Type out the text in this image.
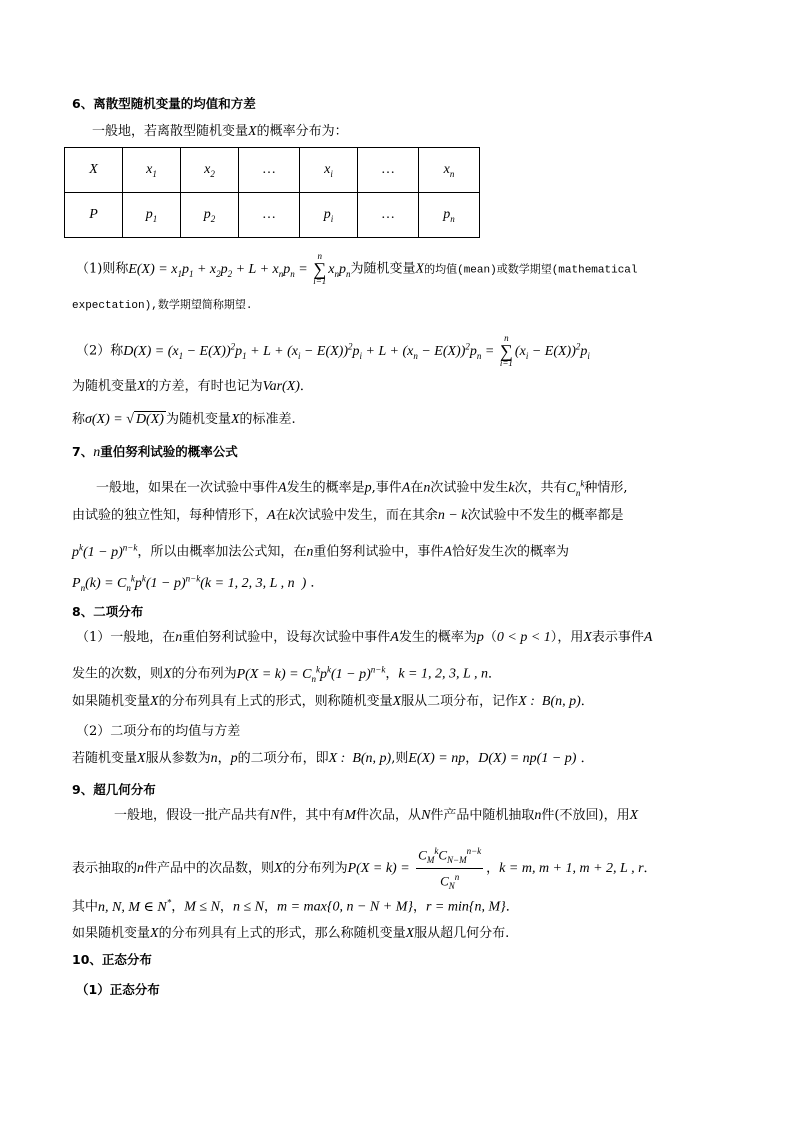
6、离散型随机变量的均值和方差
一般地，若离散型随机变量X的概率分布为：
X	$x_1$	$x_2$	…	$x_i$	…	$x_n$
P	$p_1$	$p_2$	…	$p_i$	…	$p_n$
（1)则称$E(X) = x_1p_1 + x_2p_2 + L + x_np_n$ =
n
∑
i=1
$x_np_n$为随机变量X的均值(mean)或数学期望(mathematical
expectation),数学期望简称期望.
（2）称$D(X) = (x_1 - E(X))^2p_1 + L + (x_i - E(X))^2p_i + L + (x_n - E(X))^2p_n$ =
n
∑
i=1
$(x_i - E(X))^2p_i$
为随机变量X的方差，有时也记为Var(X)．
称σ(X) = √ D(X) 为随机变量X的标准差.
7、n重伯努利试验的概率公式
一般地，如果在一次试验中事件A发生的概率是p,事件A在n次试验中发生k次，共有$C_n^k$种情形,
由试验的独立性知，每种情形下，A在k次试验中发生，而在其余n − k次试验中不发生的概率都是
$p^k(1 - p)^{n-k}$，所以由概率加法公式知，在n重伯努利试验中，事件A恰好发生次的概率为
$P_n(k) = C_n^kp^k(1 - p)^{n-k}(k = 1$, 2, 3, L , n  ) ．
8、二项分布
（1）一般地，在n重伯努利试验中，设每次试验中事件A发生的概率为p（0 < p < 1），用X表示事件A
发生的次数，则X的分布列为$P(X = k) = C_n^kp^k(1 - p)^{n-k}$，k = 1, 2, 3, L , n．
如果随机变量X的分布列具有上式的形式，则称随机变量X服从二项分布，记作X :  B(n, p)．
（2）二项分布的均值与方差
若随机变量X服从参数为n，p的二项分布，即X :  B(n, p),则E(X) = np，D(X) = np(1 − p) ．
9、超几何分布
一般地，假设一批产品共有N件，其中有M件次品，从N件产品中随机抽取n件(不放回)，用X
表示抽取的n件产品中的次品数，则X的分布列为$P(X = k) = \frac{C_M^kC_{N-M}^{n-k}}{C_N^n}$ ，k = m, m + 1, m + 2, L , r．
其中n, N, M ∈ N*，M ≤ N，n ≤ N，m = max{0, n − N + M}，r = min{n, M}．
如果随机变量X的分布列具有上式的形式，那么称随机变量X服从超几何分布.
10、正态分布
（1）正态分布
